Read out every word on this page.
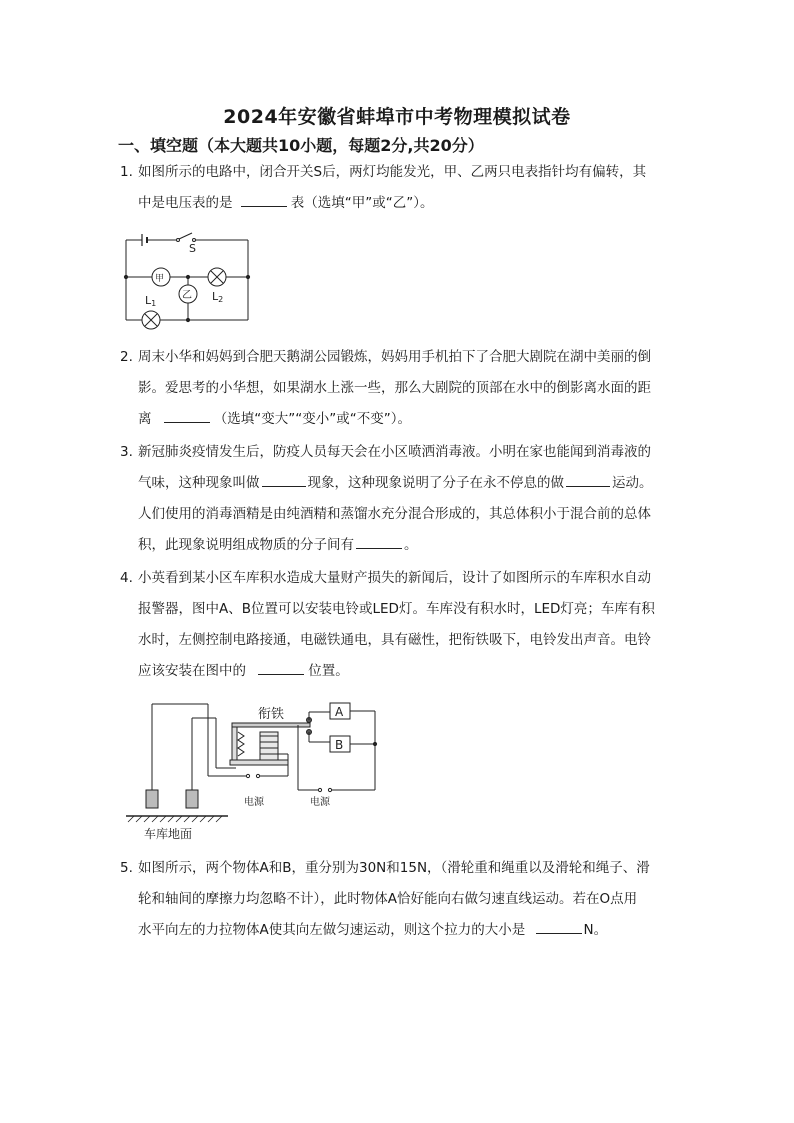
2024年安徽省蚌埠市中考物理模拟试卷
一、填空题（本大题共10小题，每题2分,共20分）
1. 如图所示的电路中，闭合开关S后，两灯均能发光，甲、乙两只电表指针均有偏转，其
中是电压表的是	表（选填“甲”或“乙”）。
S
甲
乙
L1
L2
2. 周末小华和妈妈到合肥天鹅湖公园锻炼，妈妈用手机拍下了合肥大剧院在湖中美丽的倒
影。爱思考的小华想，如果湖水上涨一些，那么大剧院的顶部在水中的倒影离水面的距
离	（选填“变大”“变小”或“不变”）。
3. 新冠肺炎疫情发生后，防疫人员每天会在小区喷洒消毒液。小明在家也能闻到消毒液的
气味，这种现象叫做	现象，这种现象说明了分子在永不停息的做	运动。
人们使用的消毒酒精是由纯酒精和蒸馏水充分混合形成的，其总体积小于混合前的总体
积，此现象说明组成物质的分子间有	。
4. 小英看到某小区车库积水造成大量财产损失的新闻后，设计了如图所示的车库积水自动
报警器，图中A、B位置可以安装电铃或LED灯。车库没有积水时，LED灯亮；车库有积
水时，左侧控制电路接通，电磁铁通电，具有磁性，把衔铁吸下，电铃发出声音。电铃
应该安装在图中的	位置。
衔铁	A
B
电源	电源
车库地面
5. 如图所示，两个物体A和B，重分别为30N和15N，（滑轮重和绳重以及滑轮和绳子、滑
轮和轴间的摩擦力均忽略不计），此时物体A恰好能向右做匀速直线运动。若在O点用
水平向左的力拉物体A使其向左做匀速运动，则这个拉力的大小是	N。
